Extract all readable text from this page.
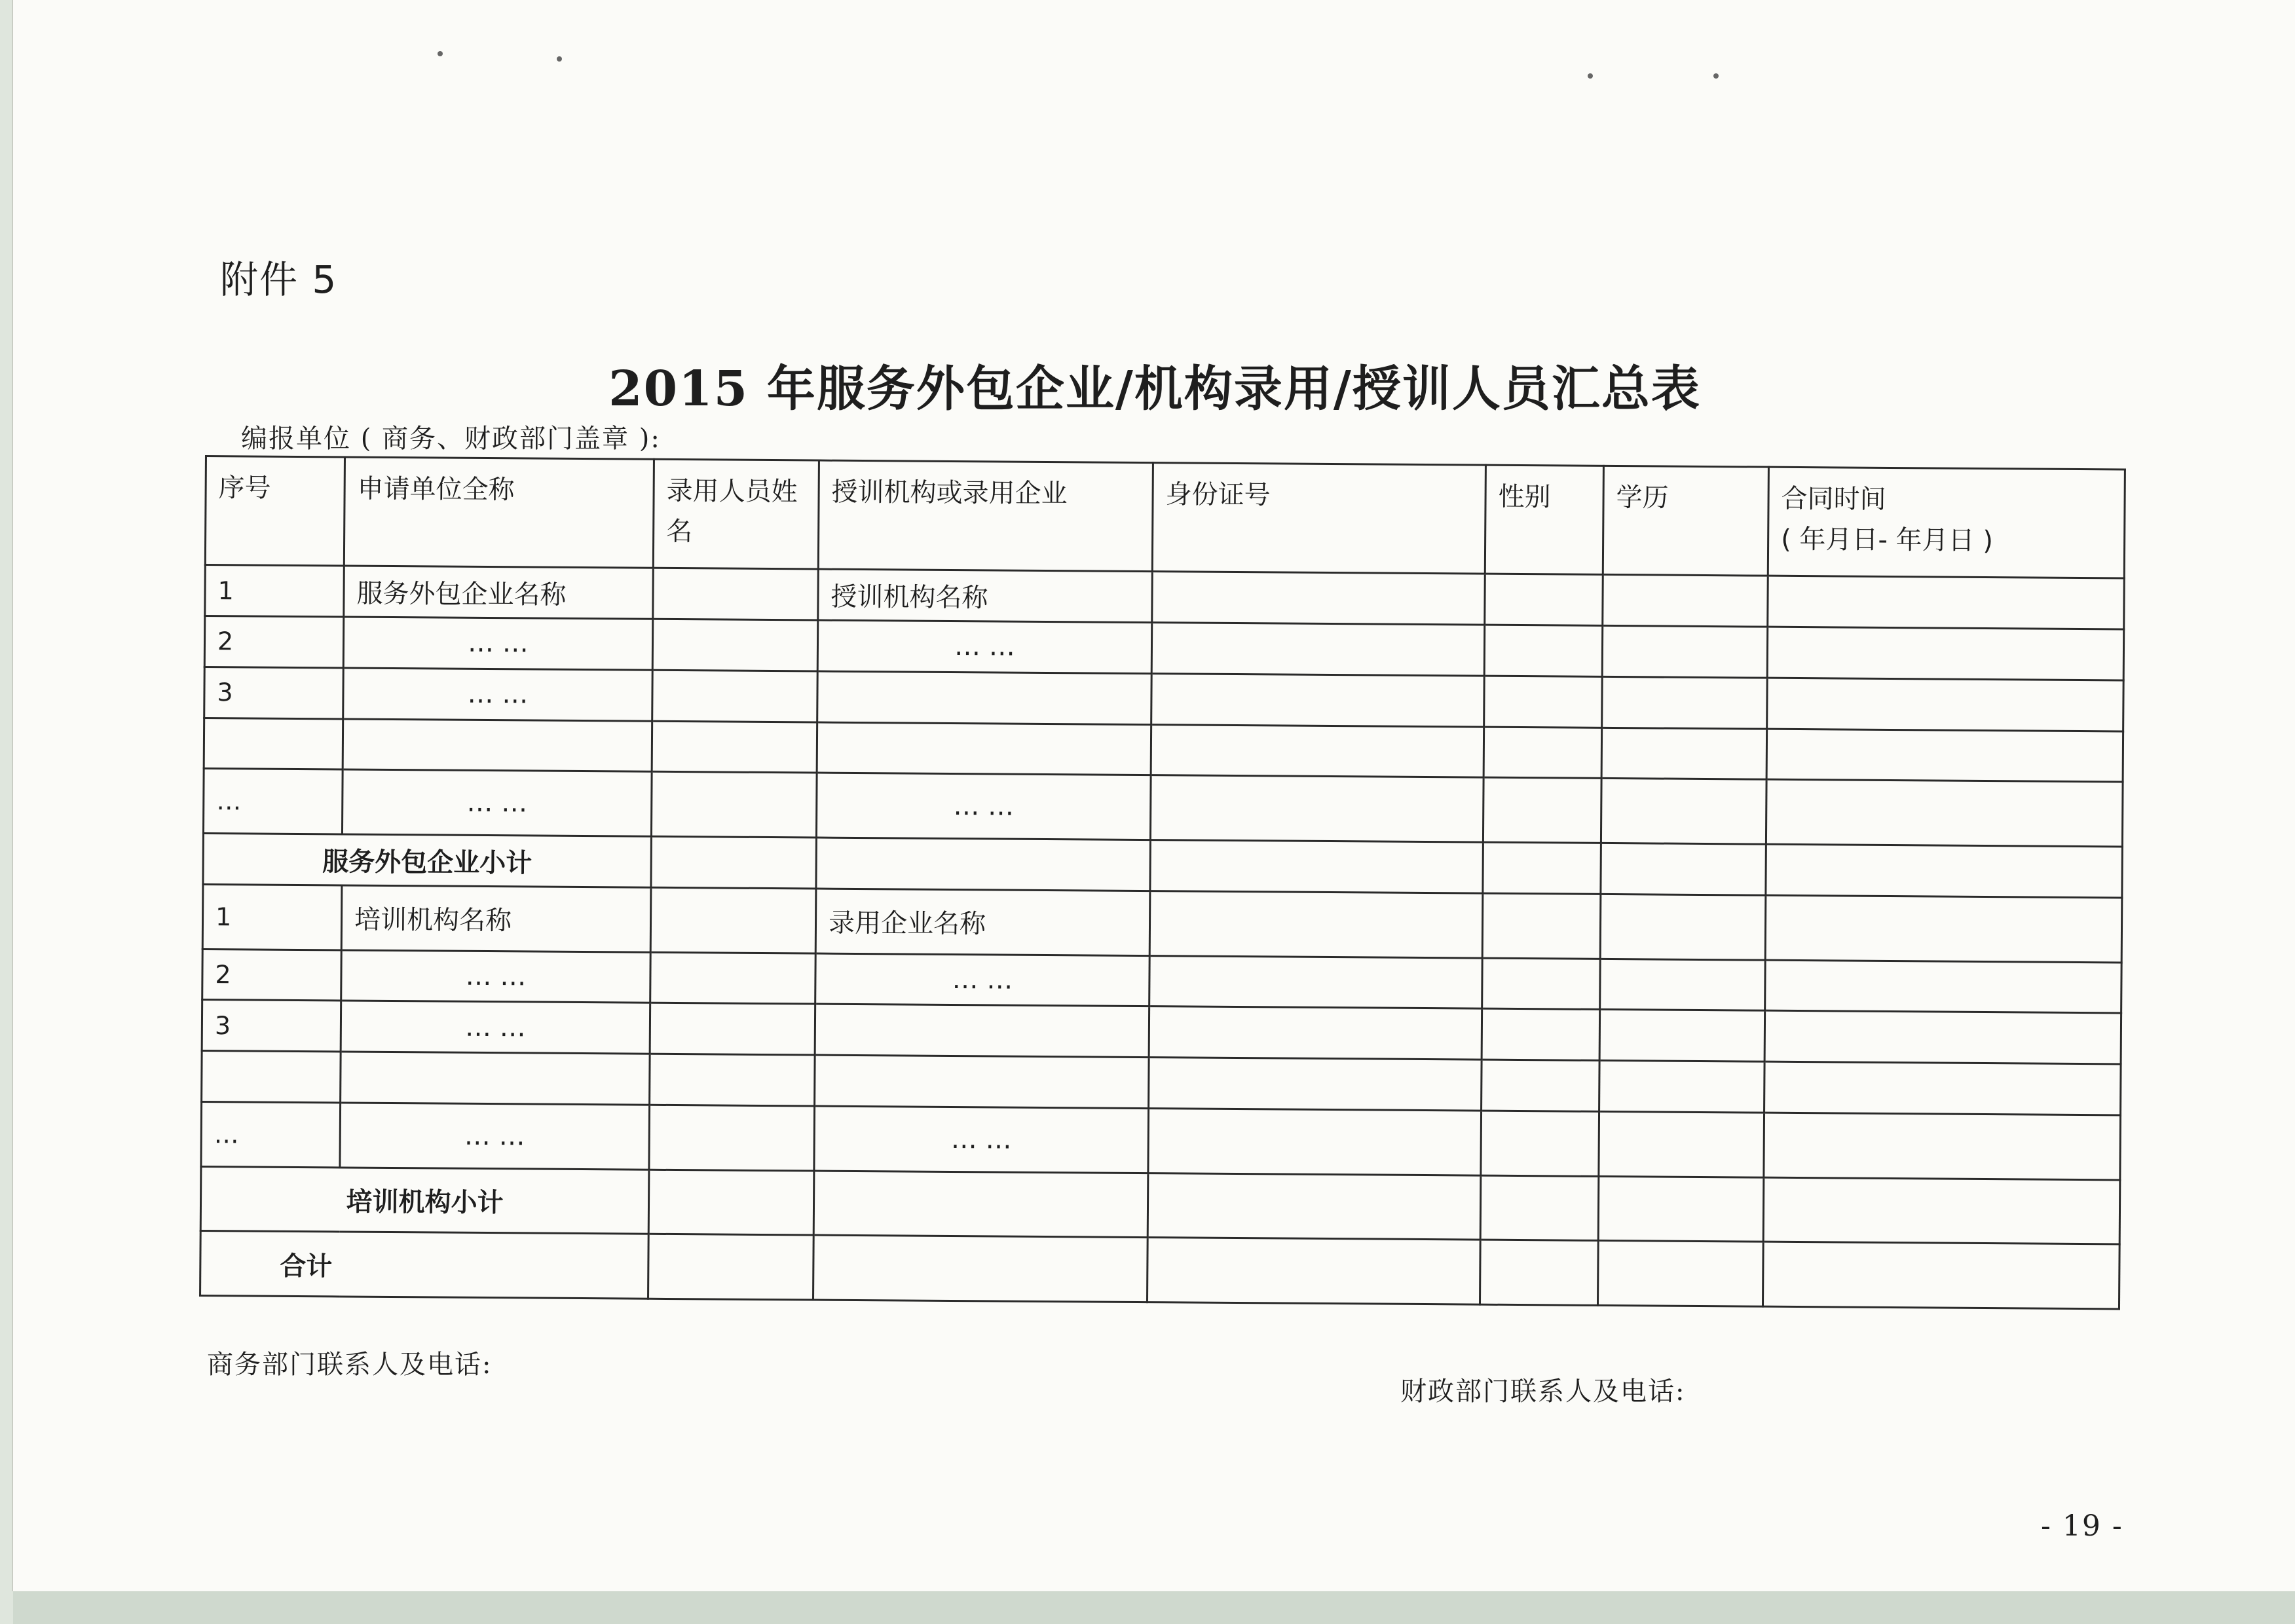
附件 5
2015 年服务外包企业/机构录用/授训人员汇总表
编报单位 ( 商务、财政部门盖章 ):
序号	申请单位全称	录用人员姓名	授训机构或录用企业	身份证号	性别	学历	合同时间
( 年月日- 年月日 )

1	服务外包企业名称		授训机构名称				
2	… …		… …				
3	… …						

…	… …		… …				
服务外包企业小计							
1	培训机构名称		录用企业名称				
2	… …		… …				
3	… …						

…	… …		… …				
培训机构小计							
合计							
商务部门联系人及电话:
财政部门联系人及电话:
- 19 -
